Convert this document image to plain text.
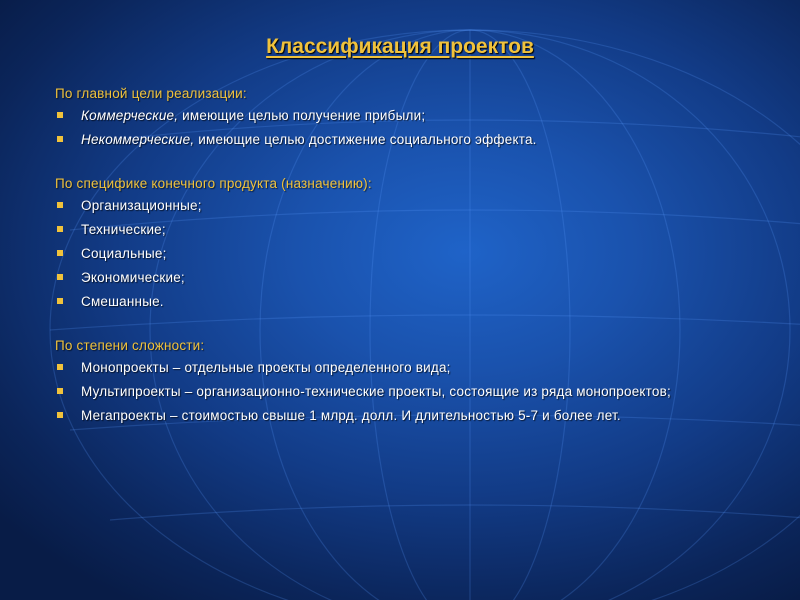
Классификация проектов

По главной цели реализации:

Коммерческие, имеющие целью получение прибыли;
Некоммерческие, имеющие целью достижение социального эффекта.

По специфике конечного продукта (назначению):

Организационные;
Технические;
Социальные;
Экономические;
Смешанные.

По степени сложности:

Монопроекты – отдельные проекты определенного вида;
Мультипроекты – организационно-технические проекты, состоящие из ряда монопроектов;
Мегапроекты – стоимостью свыше 1 млрд. долл. И длительностью 5-7 и более лет.
